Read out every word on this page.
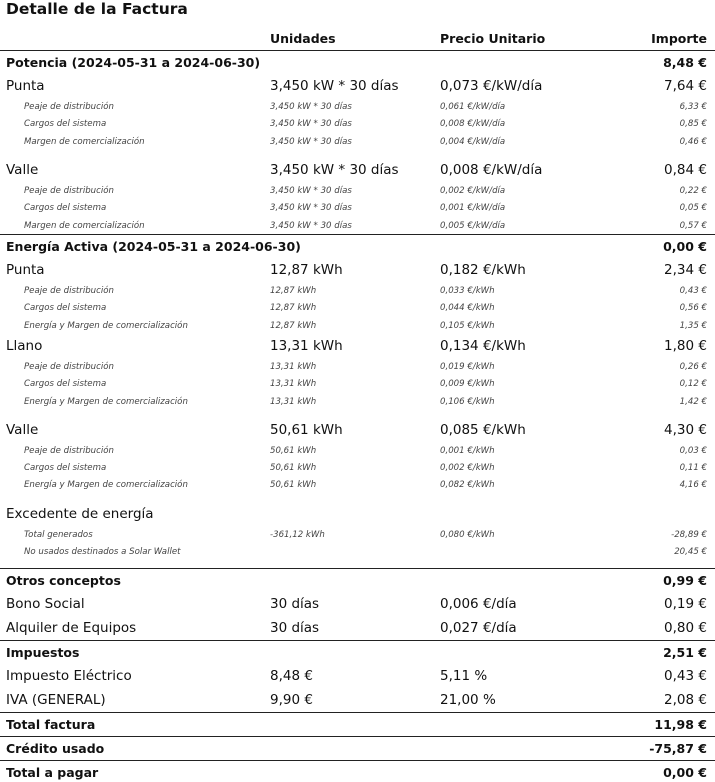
Detalle de la Factura
Unidades	Precio Unitario	Importe
Potencia (2024-05-31 a 2024-06-30)	8,48 €
Punta	3,450 kW * 30 días	0,073 €/kW/día	7,64 €
Peaje de distribución	3,450 kW * 30 días	0,061 €/kW/día	6,33 €
Cargos del sistema	3,450 kW * 30 días	0,008 €/kW/día	0,85 €
Margen de comercialización	3,450 kW * 30 días	0,004 €/kW/día	0,46 €
Valle	3,450 kW * 30 días	0,008 €/kW/día	0,84 €
Peaje de distribución	3,450 kW * 30 días	0,002 €/kW/día	0,22 €
Cargos del sistema	3,450 kW * 30 días	0,001 €/kW/día	0,05 €
Margen de comercialización	3,450 kW * 30 días	0,005 €/kW/día	0,57 €
Energía Activa (2024-05-31 a 2024-06-30)	0,00 €
Punta	12,87 kWh	0,182 €/kWh	2,34 €
Peaje de distribución	12,87 kWh	0,033 €/kWh	0,43 €
Cargos del sistema	12,87 kWh	0,044 €/kWh	0,56 €
Energía y Margen de comercialización	12,87 kWh	0,105 €/kWh	1,35 €
Llano	13,31 kWh	0,134 €/kWh	1,80 €
Peaje de distribución	13,31 kWh	0,019 €/kWh	0,26 €
Cargos del sistema	13,31 kWh	0,009 €/kWh	0,12 €
Energía y Margen de comercialización	13,31 kWh	0,106 €/kWh	1,42 €
Valle	50,61 kWh	0,085 €/kWh	4,30 €
Peaje de distribución	50,61 kWh	0,001 €/kWh	0,03 €
Cargos del sistema	50,61 kWh	0,002 €/kWh	0,11 €
Energía y Margen de comercialización	50,61 kWh	0,082 €/kWh	4,16 €
Excedente de energía
Total generados	-361,12 kWh	0,080 €/kWh	-28,89 €
No usados destinados a Solar Wallet	20,45 €
Otros conceptos	0,99 €
Bono Social	30 días	0,006 €/día	0,19 €
Alquiler de Equipos	30 días	0,027 €/día	0,80 €
Impuestos	2,51 €
Impuesto Eléctrico	8,48 €	5,11 %	0,43 €
IVA (GENERAL)	9,90 €	21,00 %	2,08 €
Total factura	11,98 €
Crédito usado	-75,87 €
Total a pagar	0,00 €
